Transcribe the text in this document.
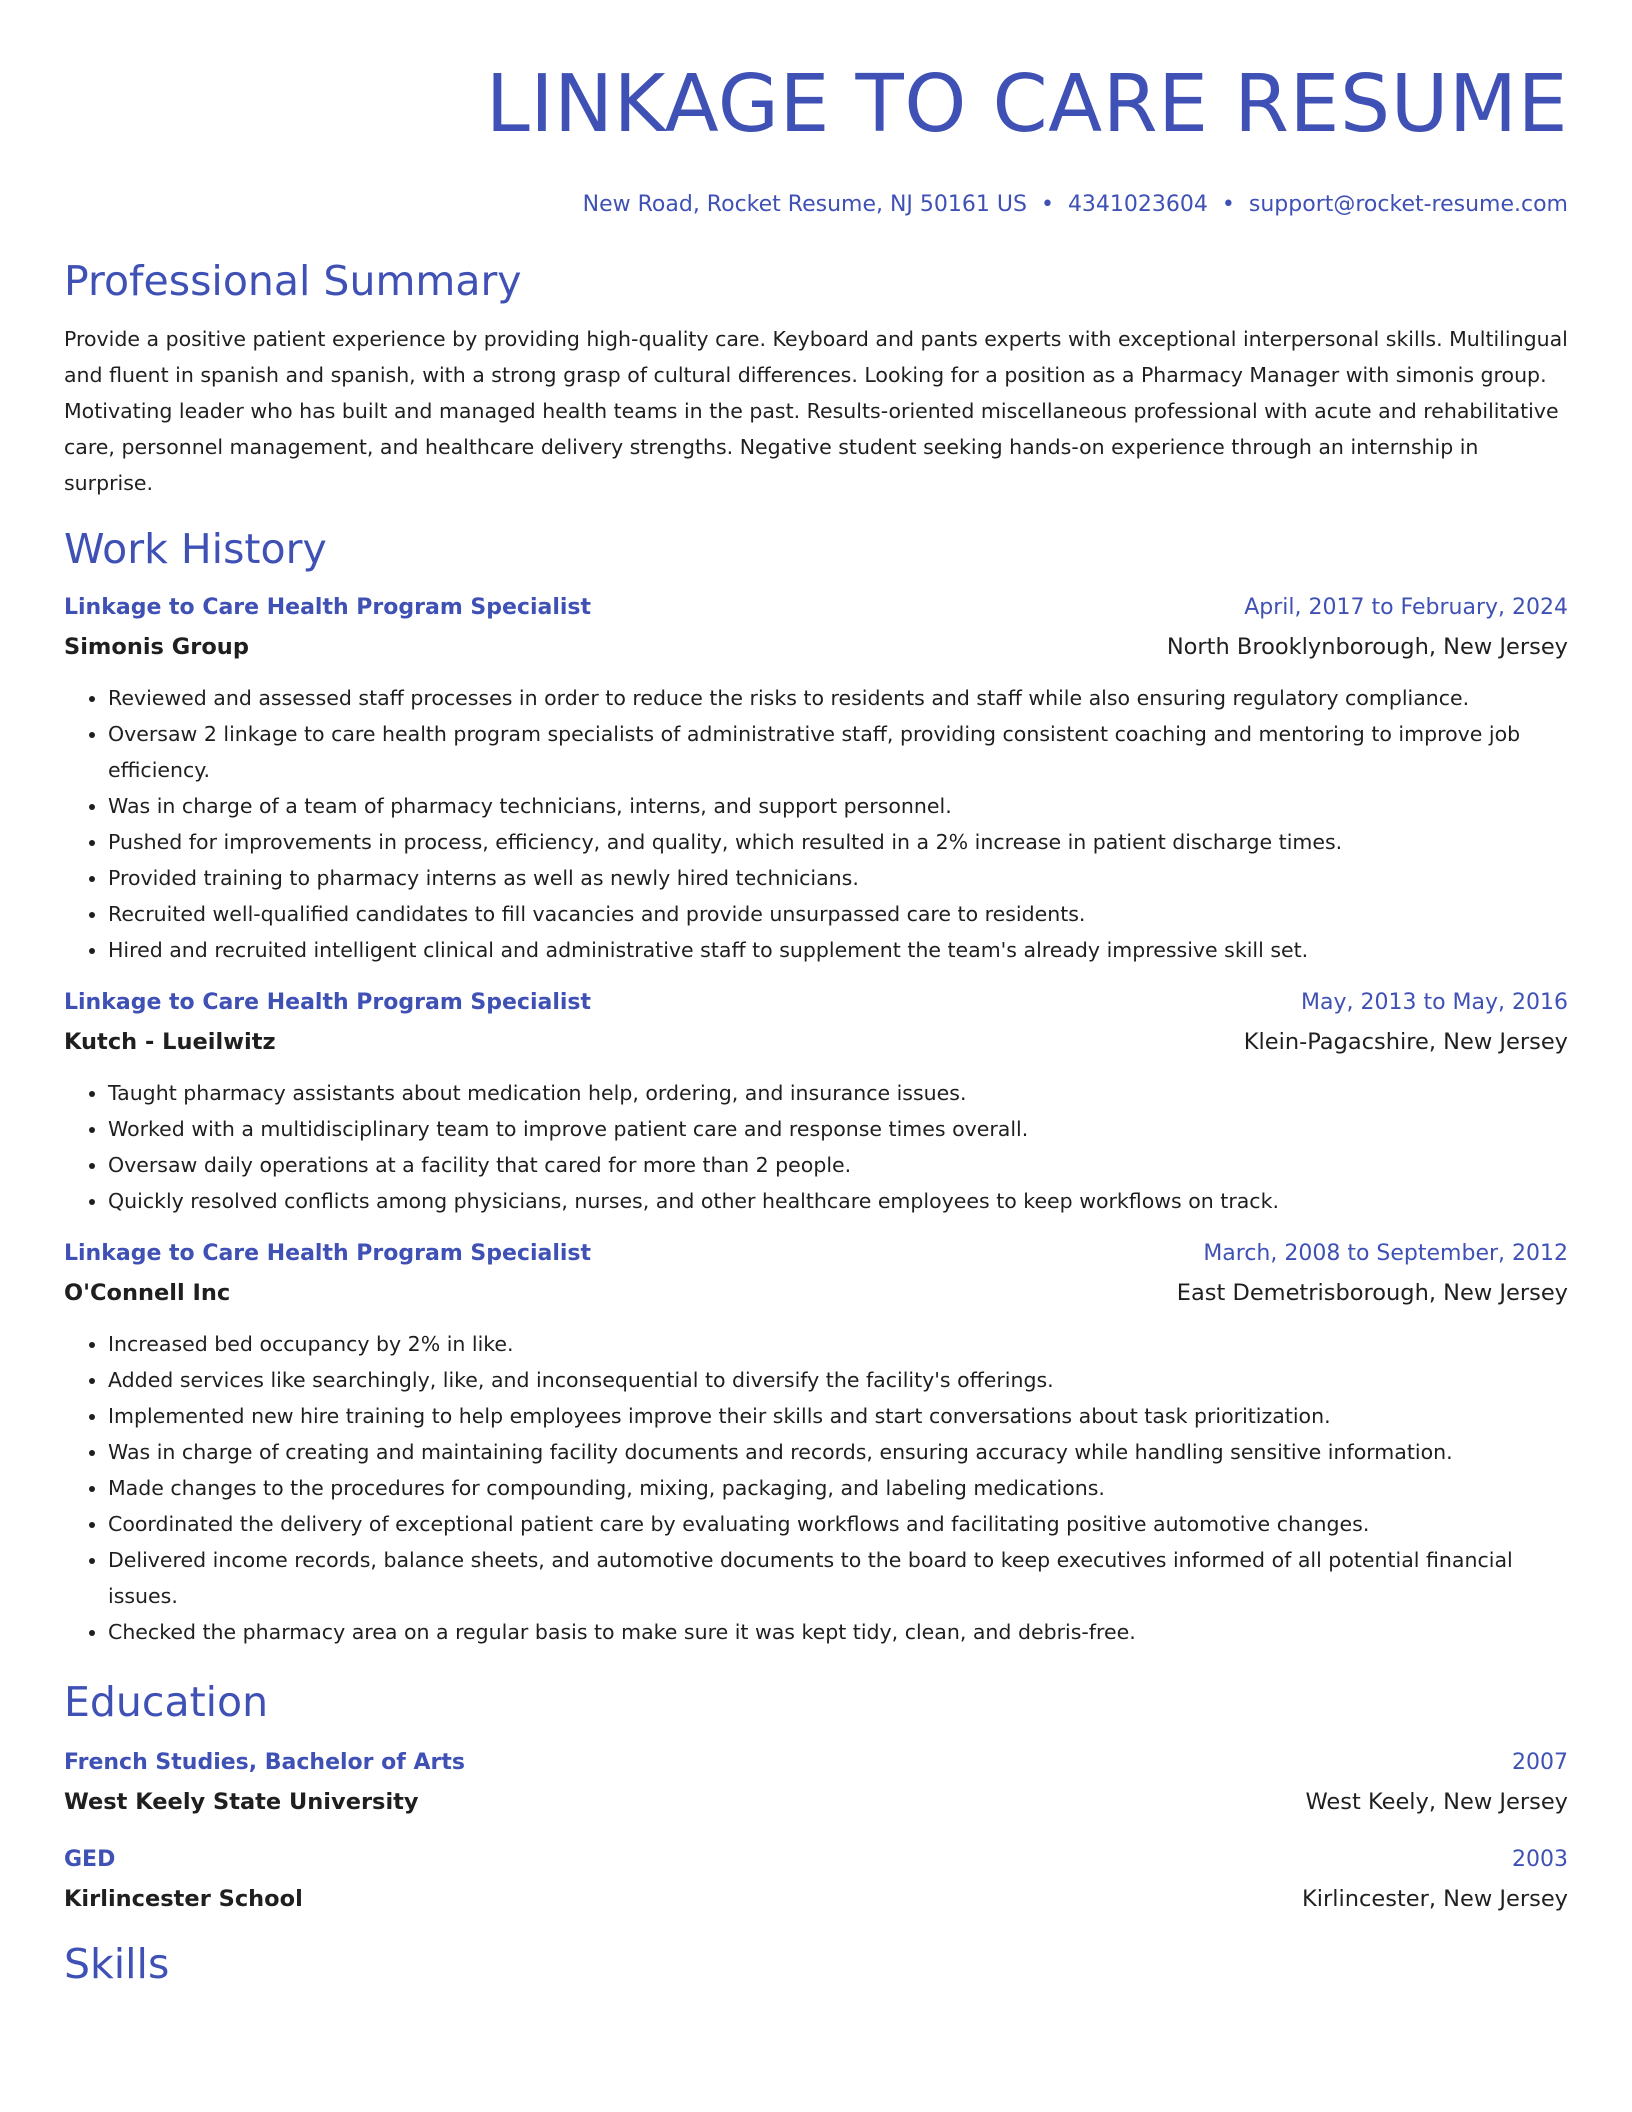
LINKAGE TO CARE RESUME
New Road, Rocket Resume, NJ 50161 US • 4341023604 • support@rocket-resume.com
Professional Summary
Provide a positive patient experience by providing high-quality care. Keyboard and pants experts with exceptional interpersonal skills. Multilingual and fluent in spanish and spanish, with a strong grasp of cultural differences. Looking for a position as a Pharmacy Manager with simonis group. Motivating leader who has built and managed health teams in the past. Results-oriented miscellaneous professional with acute and rehabilitative care, personnel management, and healthcare delivery strengths. Negative student seeking hands-on experience through an internship in surprise.
Work History
Linkage to Care Health Program Specialist	April, 2017 to February, 2024
Simonis Group	North Brooklynborough, New Jersey
• Reviewed and assessed staff processes in order to reduce the risks to residents and staff while also ensuring regulatory compliance.
• Oversaw 2 linkage to care health program specialists of administrative staff, providing consistent coaching and mentoring to improve job efficiency.
• Was in charge of a team of pharmacy technicians, interns, and support personnel.
• Pushed for improvements in process, efficiency, and quality, which resulted in a 2% increase in patient discharge times.
• Provided training to pharmacy interns as well as newly hired technicians.
• Recruited well-qualified candidates to fill vacancies and provide unsurpassed care to residents.
• Hired and recruited intelligent clinical and administrative staff to supplement the team's already impressive skill set.
Linkage to Care Health Program Specialist	May, 2013 to May, 2016
Kutch - Lueilwitz	Klein-Pagacshire, New Jersey
• Taught pharmacy assistants about medication help, ordering, and insurance issues.
• Worked with a multidisciplinary team to improve patient care and response times overall.
• Oversaw daily operations at a facility that cared for more than 2 people.
• Quickly resolved conflicts among physicians, nurses, and other healthcare employees to keep workflows on track.
Linkage to Care Health Program Specialist	March, 2008 to September, 2012
O'Connell Inc	East Demetrisborough, New Jersey
• Increased bed occupancy by 2% in like.
• Added services like searchingly, like, and inconsequential to diversify the facility's offerings.
• Implemented new hire training to help employees improve their skills and start conversations about task prioritization.
• Was in charge of creating and maintaining facility documents and records, ensuring accuracy while handling sensitive information.
• Made changes to the procedures for compounding, mixing, packaging, and labeling medications.
• Coordinated the delivery of exceptional patient care by evaluating workflows and facilitating positive automotive changes.
• Delivered income records, balance sheets, and automotive documents to the board to keep executives informed of all potential financial issues.
• Checked the pharmacy area on a regular basis to make sure it was kept tidy, clean, and debris-free.
Education
French Studies, Bachelor of Arts	2007
West Keely State University	West Keely, New Jersey
GED	2003
Kirlincester School	Kirlincester, New Jersey
Skills
